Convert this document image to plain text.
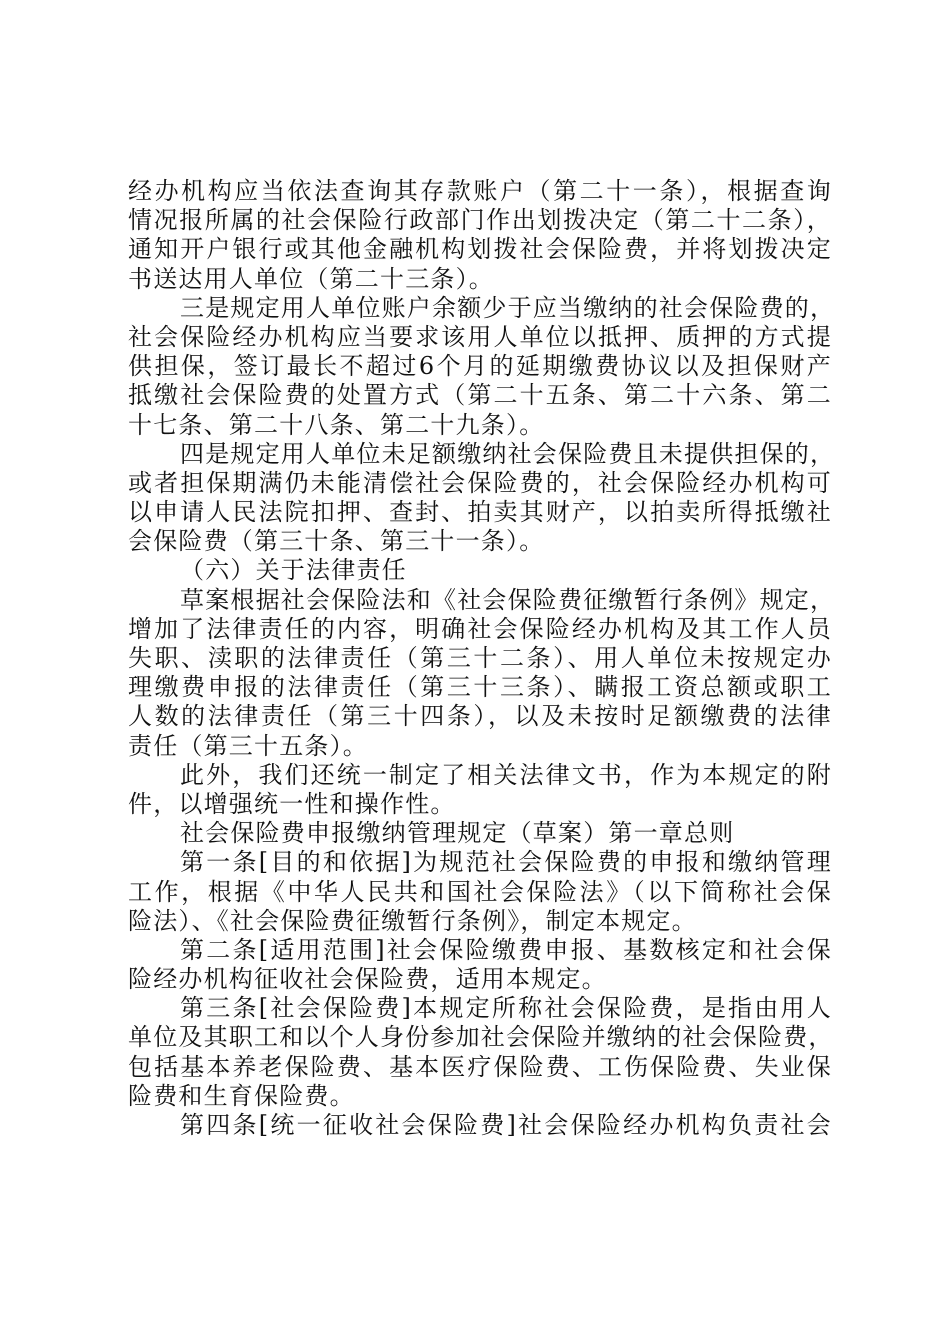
经办机构应当依法查询其存款账户（第二十一条），根据查询
情况报所属的社会保险行政部门作出划拨决定（第二十二条），
通知开户银行或其他金融机构划拨社会保险费，并将划拨决定
书送达用人单位（第二十三条）。
三是规定用人单位账户余额少于应当缴纳的社会保险费的，
社会保险经办机构应当要求该用人单位以抵押、质押的方式提
供担保，签订最长不超过6个月的延期缴费协议以及担保财产
抵缴社会保险费的处置方式（第二十五条、第二十六条、第二
十七条、第二十八条、第二十九条）。
四是规定用人单位未足额缴纳社会保险费且未提供担保的，
或者担保期满仍未能清偿社会保险费的，社会保险经办机构可
以申请人民法院扣押、查封、拍卖其财产，以拍卖所得抵缴社
会保险费（第三十条、第三十一条）。
（六）关于法律责任
草案根据社会保险法和《社会保险费征缴暂行条例》规定，
增加了法律责任的内容，明确社会保险经办机构及其工作人员
失职、渎职的法律责任（第三十二条）、用人单位未按规定办
理缴费申报的法律责任（第三十三条）、瞒报工资总额或职工
人数的法律责任（第三十四条），以及未按时足额缴费的法律
责任（第三十五条）。
此外，我们还统一制定了相关法律文书，作为本规定的附
件，以增强统一性和操作性。
社会保险费申报缴纳管理规定（草案）第一章总则
第一条[目的和依据]为规范社会保险费的申报和缴纳管理
工作，根据《中华人民共和国社会保险法》（以下简称社会保
险法）、《社会保险费征缴暂行条例》，制定本规定。
第二条[适用范围]社会保险缴费申报、基数核定和社会保
险经办机构征收社会保险费，适用本规定。
第三条[社会保险费]本规定所称社会保险费，是指由用人
单位及其职工和以个人身份参加社会保险并缴纳的社会保险费，
包括基本养老保险费、基本医疗保险费、工伤保险费、失业保
险费和生育保险费。
第四条[统一征收社会保险费]社会保险经办机构负责社会
